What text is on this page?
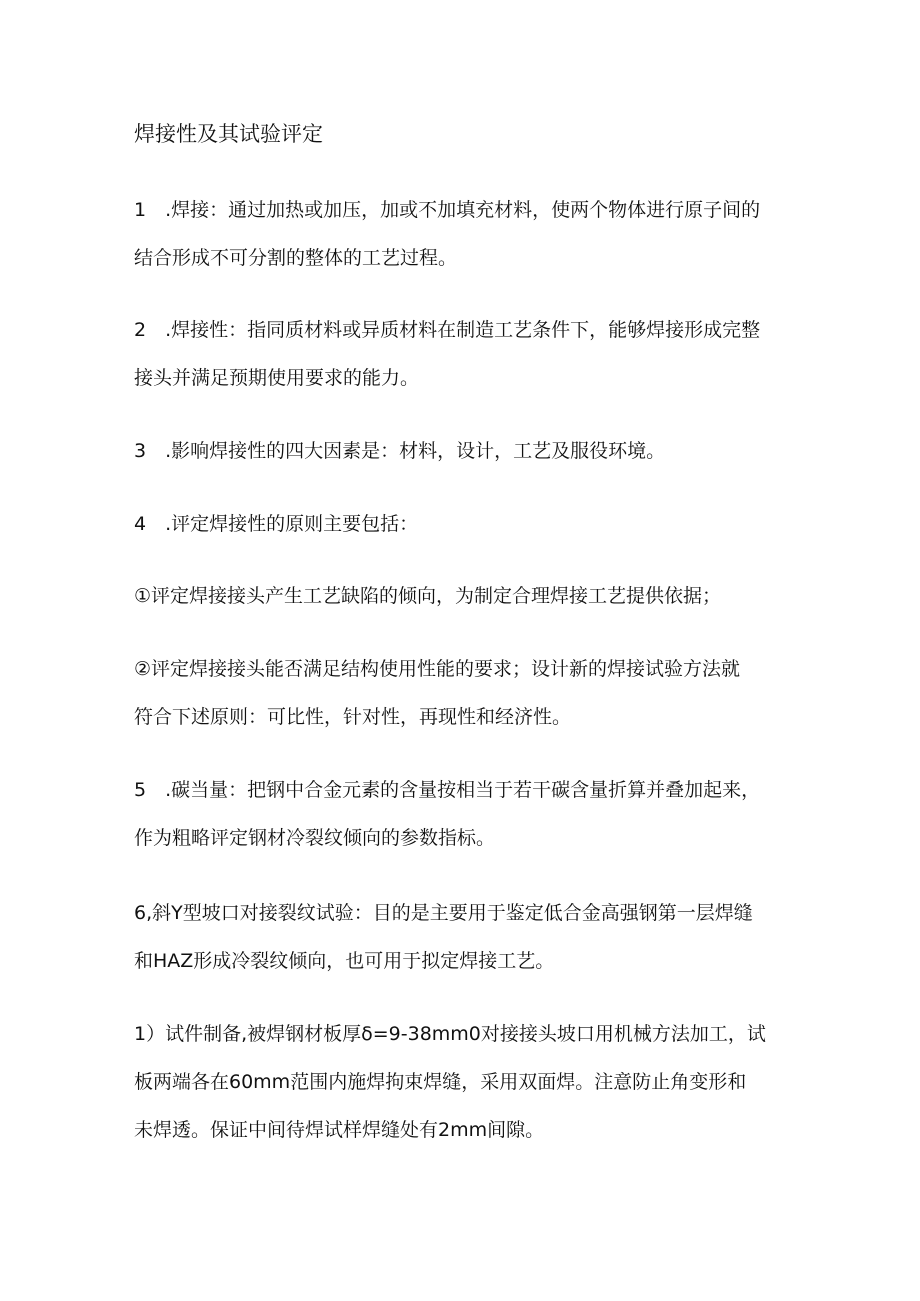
焊接性及其试验评定
1　.焊接：通过加热或加压，加或不加填充材料，使两个物体进行原子间的
结合形成不可分割的整体的工艺过程。
2　.焊接性：指同质材料或异质材料在制造工艺条件下，能够焊接形成完整
接头并满足预期使用要求的能力。
3　.影响焊接性的四大因素是：材料，设计，工艺及服役环境。
4　.评定焊接性的原则主要包括：
①评定焊接接头产生工艺缺陷的倾向，为制定合理焊接工艺提供依据；
②评定焊接接头能否满足结构使用性能的要求；设计新的焊接试验方法就
符合下述原则：可比性，针对性，再现性和经济性。
5　.碳当量：把钢中合金元素的含量按相当于若干碳含量折算并叠加起来，
作为粗略评定钢材冷裂纹倾向的参数指标。
6,斜Y型坡口对接裂纹试验：目的是主要用于鉴定低合金高强钢第一层焊缝
和HAZ形成冷裂纹倾向，也可用于拟定焊接工艺。
1）试件制备,被焊钢材板厚δ=9-38mm0对接接头坡口用机械方法加工，试
板两端各在60mm范围内施焊拘束焊缝，采用双面焊。注意防止角变形和
未焊透。保证中间待焊试样焊缝处有2mm间隙。
